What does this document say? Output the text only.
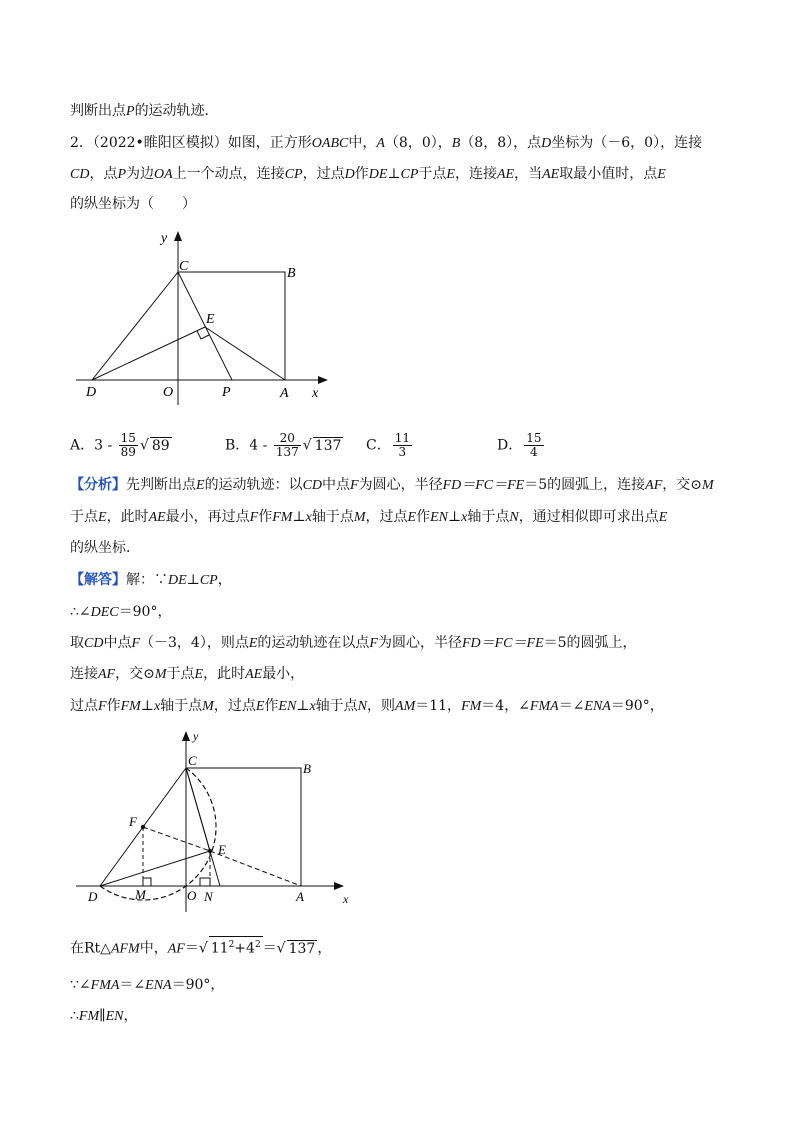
判断出点P的运动轨迹．
2．（2022•睢阳区模拟）如图，正方形OABC中，A（8，0），B（8，8），点D坐标为（－6，0），连接
CD，点P为边OA上一个动点，连接CP，过点D作DE⊥CP于点E，连接AE，当AE取最小值时，点E
的纵坐标为（　　）
y
x
C	B
E
D	O	P	A
A．$3 - \frac{15}{89}$ √ 89	B．$4 - \frac{20}{137}$ √ 137 C． $\frac{11}{3}$	D． $\frac{15}{4}$
【分析】先判断出点E的运动轨迹：以CD中点F为圆心，半径FD＝FC＝FE＝5的圆弧上，连接AF，交⊙M
于点E，此时AE最小，再过点F作FM⊥x轴于点M，过点E作EN⊥x轴于点N，通过相似即可求出点E
的纵坐标．
【解答】解：∵DE⊥CP，
∴∠DEC＝90°，
取CD中点F（－3，4），则点E的运动轨迹在以点F为圆心，半径FD＝FC＝FE＝5的圆弧上，
连接AF，交⊙M于点E，此时AE最小，
过点F作FM⊥x轴于点M，过点E作EN⊥x轴于点N，则AM＝11，FM＝4，∠FMA＝∠ENA＝90°，
y
x
C
B
F
E
D	M	O N	A
在Rt△AFM中，AF＝√ $11^2+4^2$ ＝√ 137 ，
∵∠FMA＝∠ENA＝90°，
∴FM∥EN，
